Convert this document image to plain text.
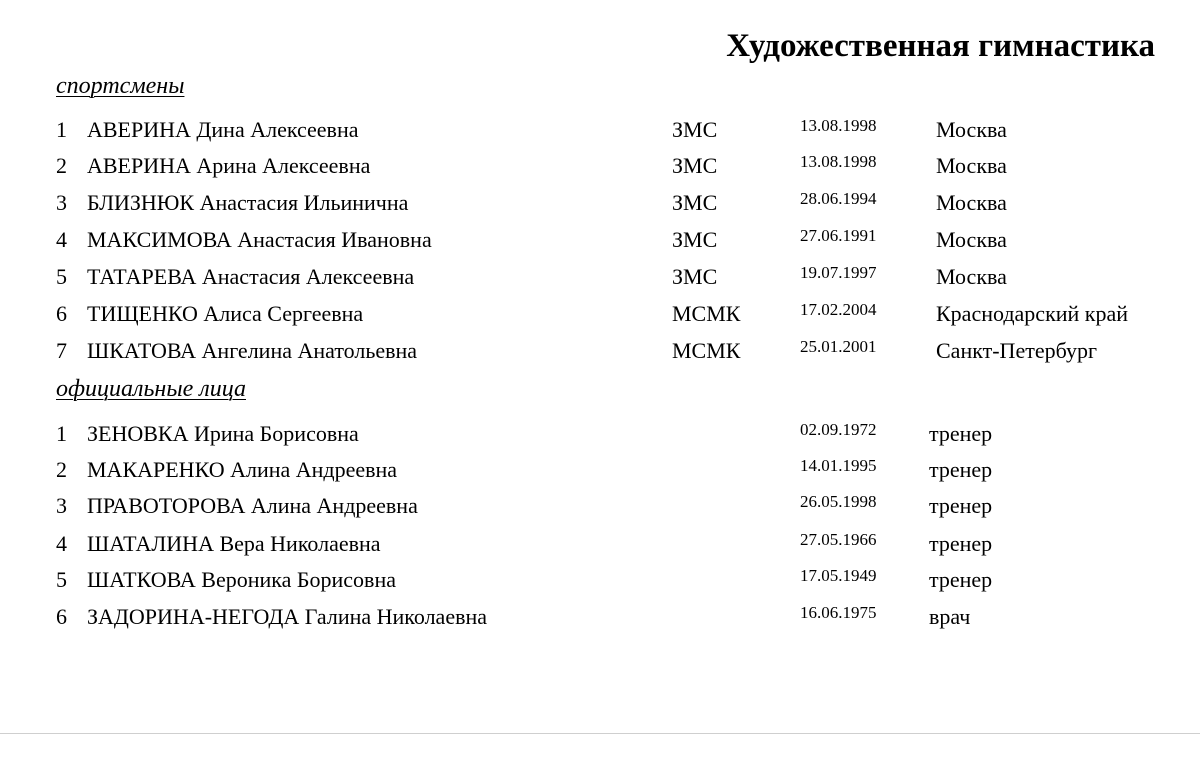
Художественная гимнастика
спортсмены
1 АВЕРИНА Дина Алексеевна	ЗМС	13.08.1998	Москва
2 АВЕРИНА Арина Алексеевна	ЗМС	13.08.1998	Москва
3 БЛИЗНЮК Анастасия Ильинична	ЗМС	28.06.1994	Москва
4 МАКСИМОВА Анастасия Ивановна	ЗМС	27.06.1991	Москва
5 ТАТАРЕВА Анастасия Алексеевна	ЗМС	19.07.1997	Москва
6 ТИЩЕНКО Алиса Сергеевна	МСМК	17.02.2004	Краснодарский край
7 ШКАТОВА Ангелина Анатольевна	МСМК	25.01.2001	Санкт-Петербург
официальные лица
1 ЗЕНОВКА Ирина Борисовна	02.09.1972 тренер
2 МАКАРЕНКО Алина Андреевна	14.01.1995 тренер
3 ПРАВОТОРОВА Алина Андреевна	26.05.1998 тренер
4 ШАТАЛИНА Вера Николаевна	27.05.1966 тренер
5 ШАТКОВА Вероника Борисовна	17.05.1949 тренер
6 ЗАДОРИНА-НЕГОДА Галина Николаевна	16.06.1975 врач
